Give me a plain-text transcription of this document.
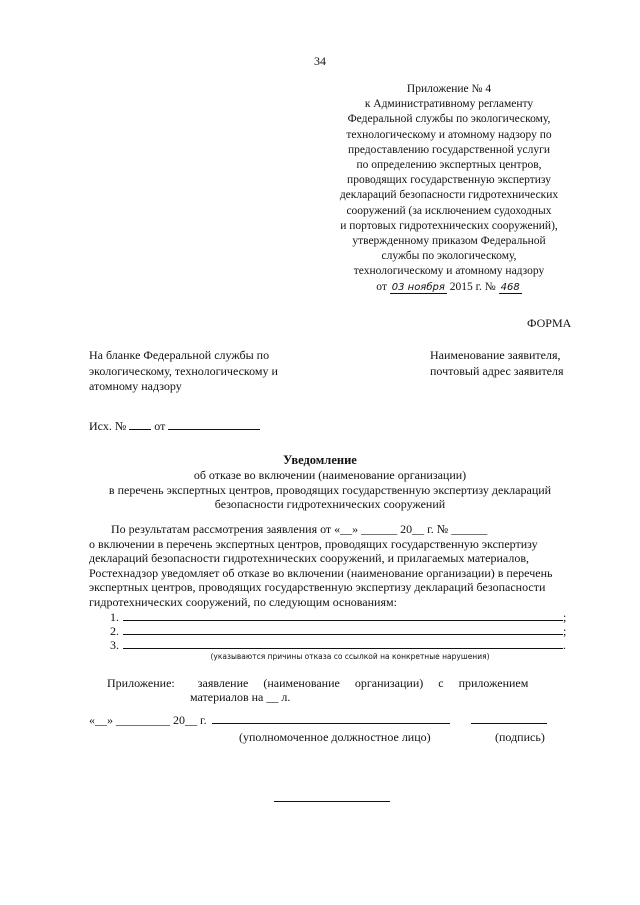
34
Приложение № 4
к Административному регламенту
Федеральной службы по экологическому,
технологическому и атомному надзору по
предоставлению государственной услуги
по определению экспертных центров,
проводящих государственную экспертизу
деклараций безопасности гидротехнических
сооружений (за исключением судоходных
и портовых гидротехнических сооружений),
утвержденному приказом Федеральной
службы по экологическому,
технологическому и атомному надзору
от 03 ноября 2015 г. № 468
ФОРМА
На бланке Федеральной службы по экологическому, технологическому и атомному надзору
Наименование заявителя,
почтовый адрес заявителя
Исх. № от
Уведомление
об отказе во включении (наименование организации)
в перечень экспертных центров, проводящих государственную экспертизу деклараций
безопасности гидротехнических сооружений
По результатам рассмотрения заявления от «__» ______ 20__ г. № ______
о включении в перечень экспертных центров, проводящих государственную экспертизу
деклараций безопасности гидротехнических сооружений, и прилагаемых материалов,
Ростехнадзор уведомляет об отказе во включении (наименование организации) в перечень
экспертных центров, проводящих государственную экспертизу деклараций безопасности
гидротехнических сооружений, по следующим основаниям:
1.	;
2.	;
3.	.
(указываются причины отказа со ссылкой на конкретные нарушения)
Приложение: заявление     (наименование     организации)     с     приложением
материалов на __ л.
«__» _________ 20__ г.
(уполномоченное должностное лицо)	(подпись)
